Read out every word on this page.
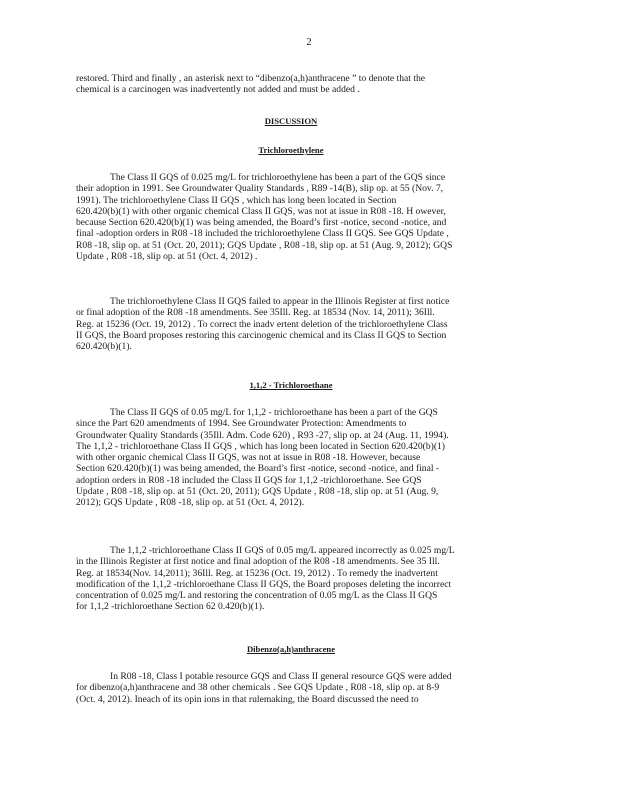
2
restored. Third and finally , an asterisk next to “dibenzo(a,h)anthracene ” to denote that the
chemical is a carcinogen was inadvertently not added and must be added .
DISCUSSION
Trichloroethylene
The Class II GQS of 0.025 mg/L for trichloroethylene has been a part of the GQS since
their adoption in 1991. See Groundwater Quality Standards , R89 -14(B), slip op. at 55 (Nov. 7,
1991). The trichloroethylene Class II GQS , which has long been located in Section
620.420(b)(1) with other organic chemical Class II GQS, was not at issue in R08 -18. H owever,
because Section 620.420(b)(1) was being amended, the Board’s first -notice, second -notice, and
final -adoption orders in R08 -18 included the trichloroethylene Class II GQS. See GQS Update ,
R08 -18, slip op. at 51 (Oct. 20, 2011); GQS Update , R08 -18, slip op. at 51 (Aug. 9, 2012); GQS
Update , R08 -18, slip op. at 51 (Oct. 4, 2012) .
The trichloroethylene Class II GQS failed to appear in the Illinois Register at first notice
or final adoption of the R08 -18 amendments. See 35Ill. Reg. at 18534 (Nov. 14, 2011); 36Ill.
Reg. at 15236 (Oct. 19, 2012) . To correct the inadv ertent deletion of the trichloroethylene Class
II GQS, the Board proposes restoring this carcinogenic chemical and its Class II GQS to Section
620.420(b)(1).
1,1,2 - Trichloroethane
The Class II GQS of 0.05 mg/L for 1,1,2 - trichloroethane has been a part of the GQS
since the Part 620 amendments of 1994. See Groundwater Protection: Amendments to
Groundwater Quality Standards (35Ill. Adm. Code 620) , R93 -27, slip op. at 24 (Aug. 11, 1994).
The 1,1,2 - trichloroethane Class II GQS , which has long been located in Section 620.420(b)(1)
with other organic chemical Class II GQS, was not at issue in R08 -18. However, because
Section 620.420(b)(1) was being amended, the Board’s first -notice, second -notice, and final -
adoption orders in R08 -18 included the Class II GQS for 1,1,2 -trichloroethane. See GQS
Update , R08 -18, slip op. at 51 (Oct. 20, 2011); GQS Update , R08 -18, slip op. at 51 (Aug. 9,
2012); GQS Update , R08 -18, slip op. at 51 (Oct. 4, 2012).
The 1,1,2 -trichloroethane Class II GQS of 0.05 mg/L appeared incorrectly as 0.025 mg/L
in the Illinois Register at first notice and final adoption of the R08 -18 amendments. See 35 Ill.
Reg. at 18534(Nov. 14,2011); 36Ill. Reg. at 15236 (Oct. 19, 2012) . To remedy the inadvertent
modification of the 1,1,2 -trichloroethane Class II GQS, the Board proposes deleting the incorrect
concentration of 0.025 mg/L and restoring the concentration of 0.05 mg/L as the Class II GQS
for 1,1,2 -trichloroethane Section 62 0.420(b)(1).
Dibenzo(a,h)anthracene
In R08 -18, Class I potable resource GQS and Class II general resource GQS were added
for dibenzo(a,h)anthracene and 38 other chemicals . See GQS Update , R08 -18, slip op. at 8-9
(Oct. 4, 2012). Ineach of its opin ions in that rulemaking, the Board discussed the need to
